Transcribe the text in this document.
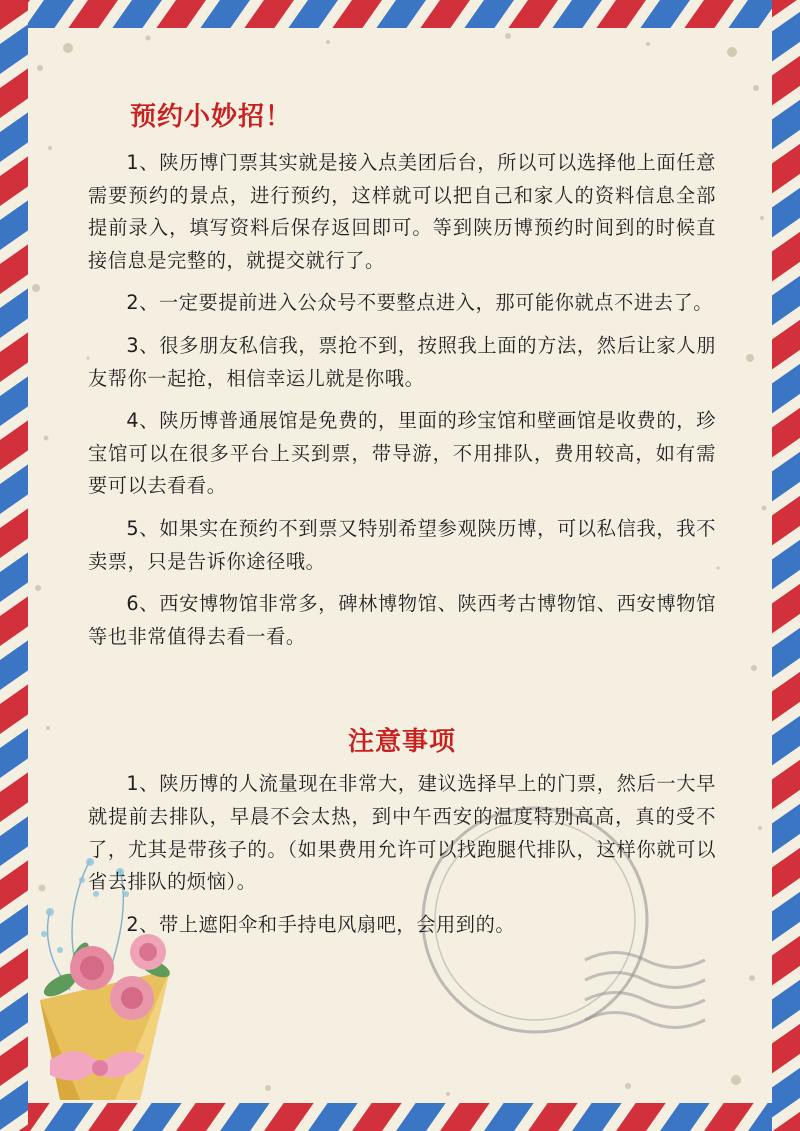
预约小妙招！

1、陕历博门票其实就是接入点美团后台，所以可以选择他上面任意需要预约的景点，进行预约，这样就可以把自己和家人的资料信息全部提前录入，填写资料后保存返回即可。等到陕历博预约时间到的时候直接信息是完整的，就提交就行了。

2、一定要提前进入公众号不要整点进入，那可能你就点不进去了。

3、很多朋友私信我，票抢不到，按照我上面的方法，然后让家人朋友帮你一起抢，相信幸运儿就是你哦。

4、陕历博普通展馆是免费的，里面的珍宝馆和壁画馆是收费的，珍宝馆可以在很多平台上买到票，带导游，不用排队，费用较高，如有需要可以去看看。

5、如果实在预约不到票又特别希望参观陕历博，可以私信我，我不卖票，只是告诉你途径哦。

6、西安博物馆非常多，碑林博物馆、陕西考古博物馆、西安博物馆等也非常值得去看一看。

注意事项

1、陕历博的人流量现在非常大，建议选择早上的门票，然后一大早就提前去排队，早晨不会太热，到中午西安的温度特别高高，真的受不了，尤其是带孩子的。（如果费用允许可以找跑腿代排队，这样你就可以省去排队的烦恼）。

2、带上遮阳伞和手持电风扇吧，会用到的。
